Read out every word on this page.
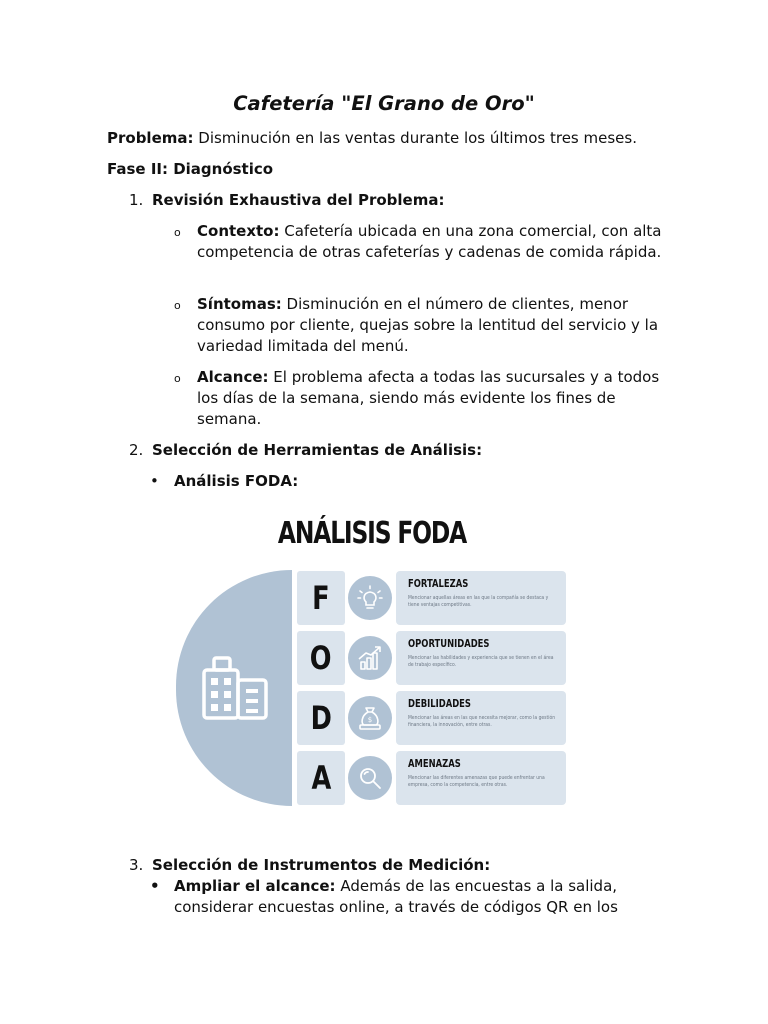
Cafetería "El Grano de Oro"
Problema: Disminución en las ventas durante los últimos tres meses.
Fase II: Diagnóstico
1. Revisión Exhaustiva del Problema:
o Contexto: Cafetería ubicada en una zona comercial, con alta competencia de otras cafeterías y cadenas de comida rápida.
o Síntomas: Disminución en el número de clientes, menor consumo por cliente, quejas sobre la lentitud del servicio y la variedad limitada del menú.
o Alcance: El problema afecta a todas las sucursales y a todos los días de la semana, siendo más evidente los fines de semana.
2. Selección de Herramientas de Análisis:
• Análisis FODA:
ANÁLISIS FODA
F	FORTALEZAS
Mencionar aquellas áreas en las que la compañía se destaca y tiene ventajas competitivas.
O	OPORTUNIDADES
Mencionar las habilidades y experiencia que se tienen en el área de trabajo específico.
D	$
DEBILIDADES
Mencionar las áreas en las que necesita mejorar, como la gestión financiera, la innovación, entre otras.
A	AMENAZAS
Mencionar las diferentes amenazas que puede enfrentar una empresa, como la competencia, entre otras.
3. Selección de Instrumentos de Medición:
• Ampliar el alcance: Además de las encuestas a la salida, considerar encuestas online, a través de códigos QR en los
